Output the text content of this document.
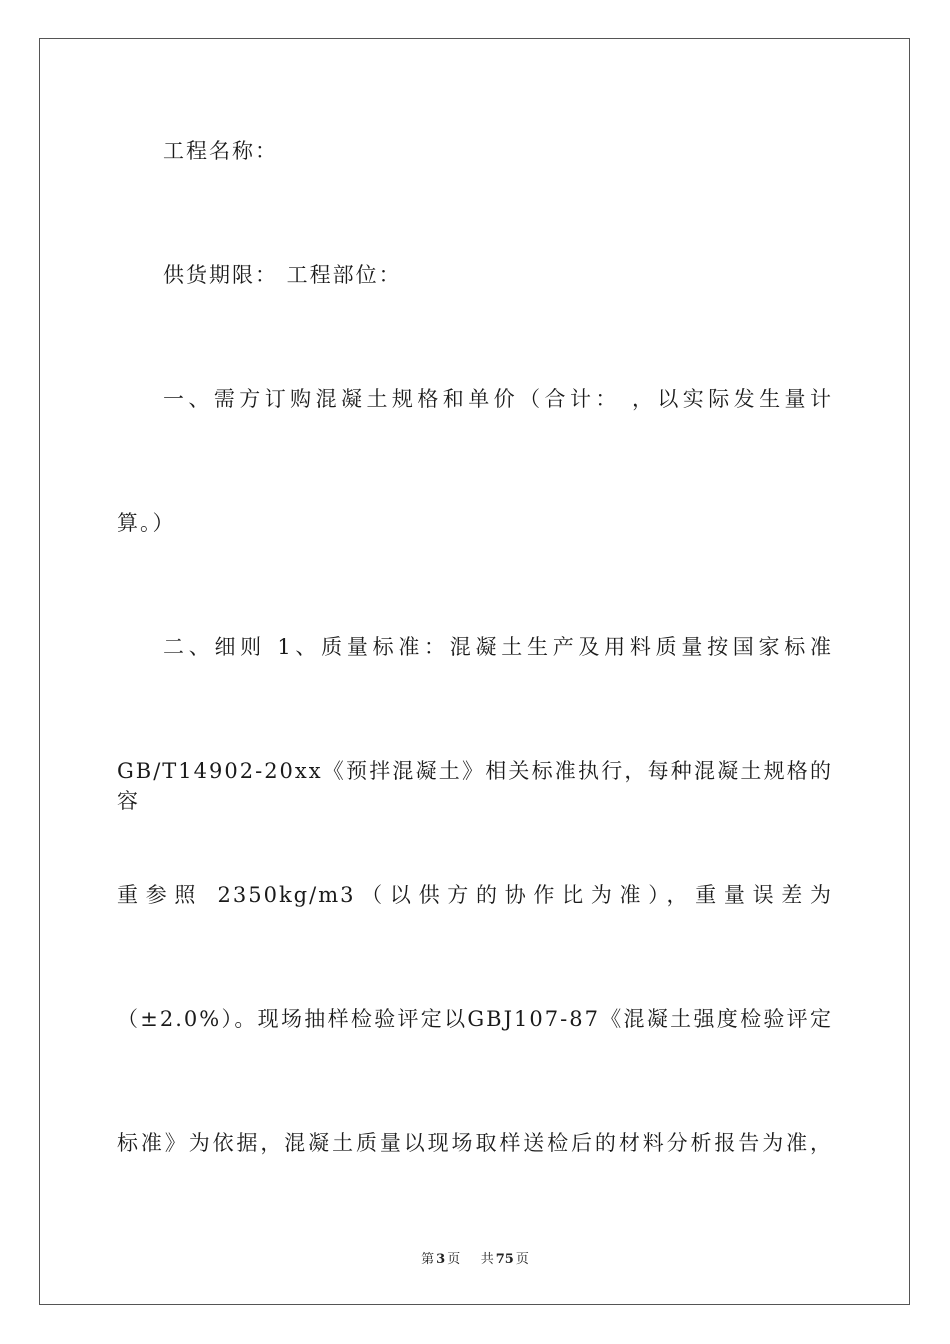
工程名称：
供货期限： 工程部位：
一、需方订购混凝土规格和单价（合计： ，以实际发生量计
算。）
二、细则 1、质量标准：混凝土生产及用料质量按国家标准
GB/T14902-20xx《预拌混凝土》相关标准执行，每种混凝土规格的容
重参照 2350kg/m3（以供方的协作比为准），重量误差为
（±2.0%）。现场抽样检验评定以GBJ107-87《混凝土强度检验评定
标准》为依据，混凝土质量以现场取样送检后的材料分析报告为准，
第 3 页 共 75 页
